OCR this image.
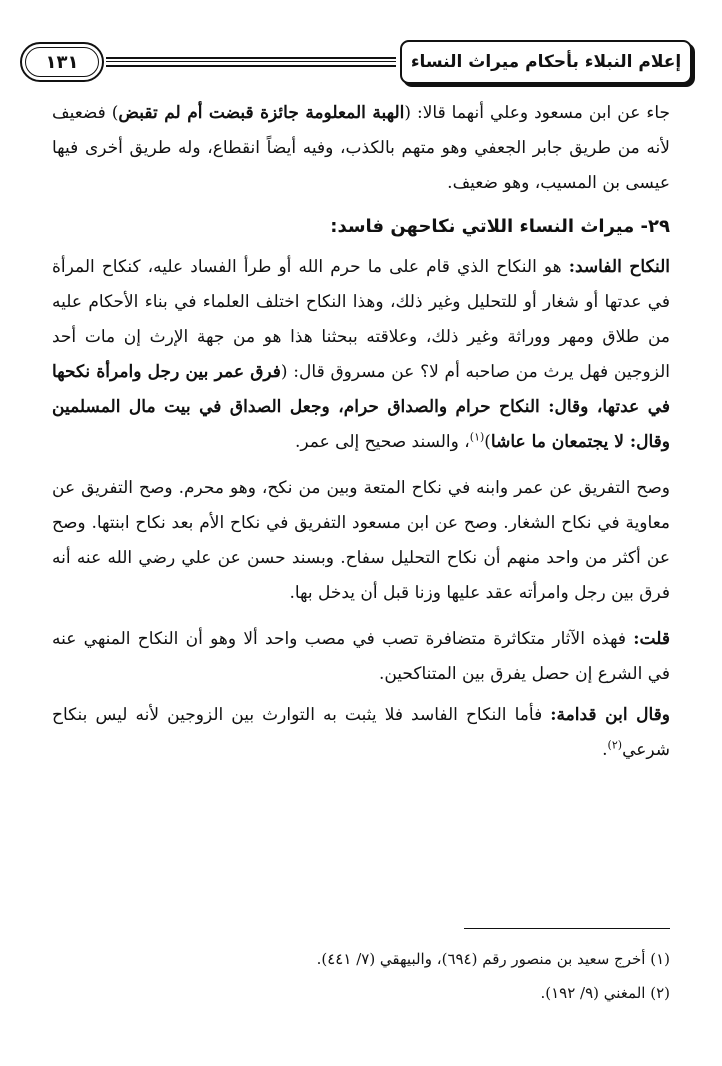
إعلام النبلاء بأحكام ميراث النساء
١٣١

جاء عن ابن مسعود وعلي أنهما قالا: (الهبة المعلومة جائزة قبضت أم لم تقبض) فضعيف لأنه من طريق جابر الجعفي وهو متهم بالكذب، وفيه أيضاً انقطاع، وله طريق أخرى فيها عيسى بن المسيب، وهو ضعيف.

٢٩- ميراث النساء اللاتي نكاحهن فاسد:

النكاح الفاسد: هو النكاح الذي قام على ما حرم الله أو طرأ الفساد عليه، كنكاح المرأة في عدتها أو شغار أو للتحليل وغير ذلك، وهذا النكاح اختلف العلماء في بناء الأحكام عليه من طلاق ومهر ووراثة وغير ذلك، وعلاقته ببحثنا هذا هو من جهة الإرث إن مات أحد الزوجين فهل يرث من صاحبه أم لا؟ عن مسروق قال: (فرق عمر بين رجل وامرأة نكحها في عدتها، وقال: النكاح حرام والصداق حرام، وجعل الصداق في بيت مال المسلمين وقال: لا يجتمعان ما عاشا)$^{(١)}$، والسند صحيح إلى عمر.

وصح التفريق عن عمر وابنه في نكاح المتعة وبين من نكح، وهو محرم. وصح التفريق عن معاوية في نكاح الشغار. وصح عن ابن مسعود التفريق في نكاح الأم بعد نكاح ابنتها. وصح عن أكثر من واحد منهم أن نكاح التحليل سفاح. وبسند حسن عن علي رضي الله عنه أنه فرق بين رجل وامرأته عقد عليها وزنا قبل أن يدخل بها.

قلت: فهذه الآثار متكاثرة متضافرة تصب في مصب واحد ألا وهو أن النكاح المنهي عنه في الشرع إن حصل يفرق بين المتناكحين.

وقال ابن قدامة: فأما النكاح الفاسد فلا يثبت به التوارث بين الزوجين لأنه ليس بنكاح شرعي$^{(٢)}$.

(١) أخرج سعيد بن منصور رقم (٦٩٤)، والبيهقي (٧/ ٤٤١).
(٢) المغني (٩/ ١٩٢).
